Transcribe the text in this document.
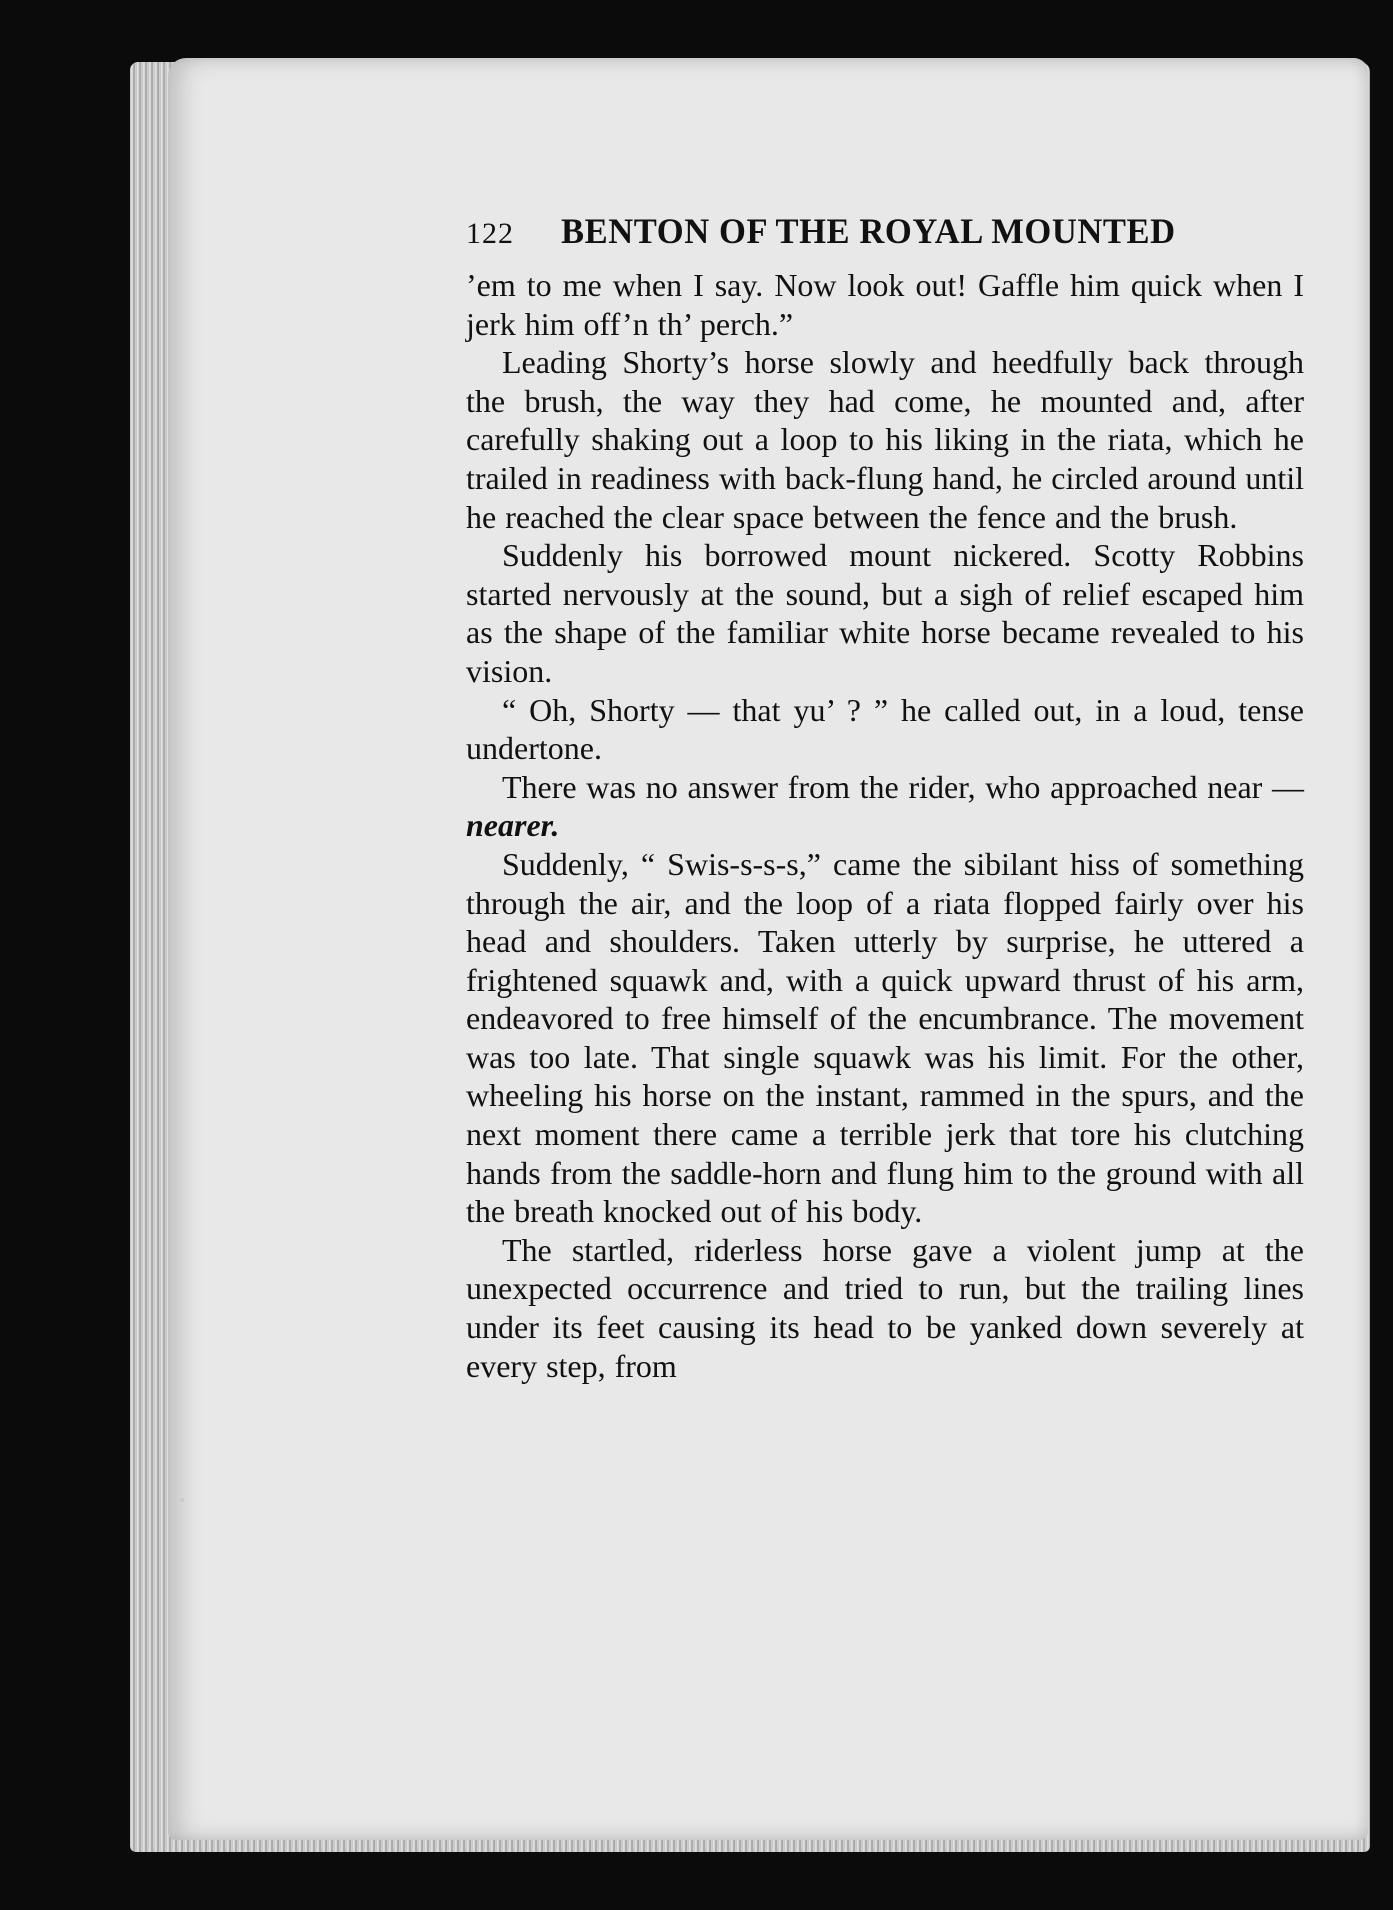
122	BENTON OF THE ROYAL MOUNTED

’em to me when I say. Now look out! Gaffle him quick when I jerk him off’n th’ perch.”

Leading Shorty’s horse slowly and heedfully back through the brush, the way they had come, he mounted and, after carefully shaking out a loop to his liking in the riata, which he trailed in readiness with back-flung hand, he circled around until he reached the clear space between the fence and the brush.

Suddenly his borrowed mount nickered. Scotty Robbins started nervously at the sound, but a sigh of relief escaped him as the shape of the familiar white horse became revealed to his vision.

“ Oh, Shorty — that yu’ ? ” he called out, in a loud, tense undertone.

There was no answer from the rider, who approached near — nearer.

Suddenly, “ Swis-s-s-s,” came the sibilant hiss of something through the air, and the loop of a riata flopped fairly over his head and shoulders. Taken utterly by surprise, he uttered a frightened squawk and, with a quick upward thrust of his arm, endeavored to free himself of the encumbrance. The movement was too late. That single squawk was his limit. For the other, wheeling his horse on the instant, rammed in the spurs, and the next moment there came a terrible jerk that tore his clutching hands from the saddle-horn and flung him to the ground with all the breath knocked out of his body.

The startled, riderless horse gave a violent jump at the unexpected occurrence and tried to run, but the trailing lines under its feet causing its head to be yanked down severely at every step, from
